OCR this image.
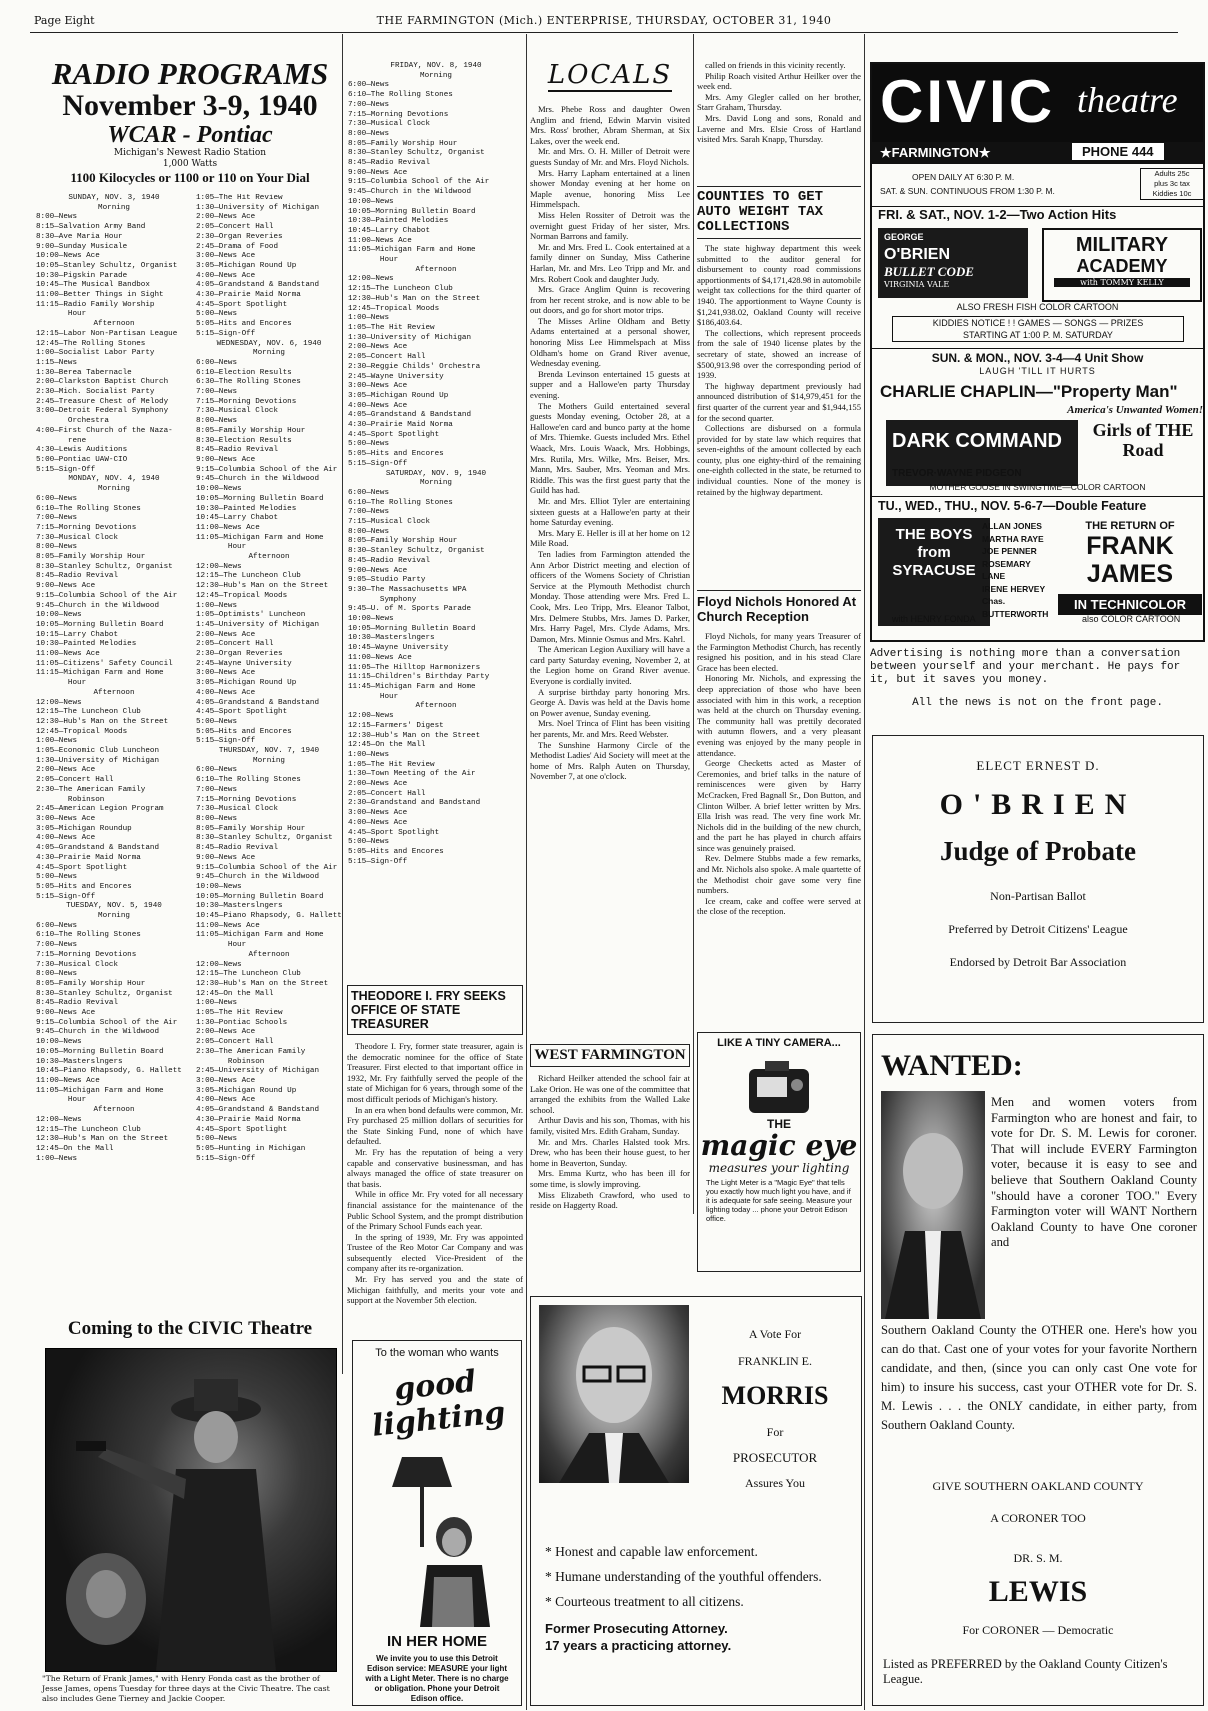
Page Eight	THE FARMINGTON (Mich.) ENTERPRISE, THURSDAY, OCTOBER 31, 1940
RADIO PROGRAMS
November 3-9, 1940
WCAR - Pontiac
Michigan's Newest Radio Station
1,000 Watts
1100 Kilocycles or 1100 or 110 on Your Dial
SUNDAY, NOV. 3, 1940
Morning
8:00—News
8:15—Salvation Army Band
8:30—Ave Maria Hour
9:00—Sunday Musicale
10:00—News Ace
10:05—Stanley Schultz, Organist
10:30—Pigskin Parade
10:45—The Musical Bandbox
11:00—Better Things in Sight
11:15—Radio Family Worship
Hour
Afternoon
12:15—Labor Non-Partisan League
12:45—The Rolling Stones
1:00—Socialist Labor Party
1:15—News
1:30—Berea Tabernacle
2:00—Clarkston Baptist Church
2:30—Mich. Socialist Party
2:45—Treasure Chest of Melody
3:00—Detroit Federal Symphony
Orchestra
4:00—First Church of the Naza-
rene
4:30—Lewis Auditions
5:00—Pontiac UAW-CIO
5:15—Sign-Off
MONDAY, NOV. 4, 1940
Morning
6:00—News
6:10—The Rolling Stones
7:00—News
7:15—Morning Devotions
7:30—Musical Clock
8:00—News
8:05—Family Worship Hour
8:30—Stanley Schultz, Organist
8:45—Radio Revival
9:00—News Ace
9:15—Columbia School of the Air
9:45—Church in the Wildwood
10:00—News
10:05—Morning Bulletin Board
10:15—Larry Chabot
10:30—Painted Melodies
11:00—News Ace
11:05—Citizens' Safety Council
11:15—Michigan Farm and Home
Hour
Afternoon
12:00—News
12:15—The Luncheon Club
12:30—Hub's Man on the Street
12:45—Tropical Moods
1:00—News
1:05—Economic Club Luncheon
1:30—University of Michigan
2:00—News Ace
2:05—Concert Hall
2:30—The American Family
Robinson
2:45—American Legion Program
3:00—News Ace
3:05—Michigan Roundup
4:00—News Ace
4:05—Grandstand & Bandstand
4:30—Prairie Maid Norma
4:45—Sport Spotlight
5:00—News
5:05—Hits and Encores
5:15—Sign-Off
TUESDAY, NOV. 5, 1940
Morning
6:00—News
6:10—The Rolling Stones
7:00—News
7:15—Morning Devotions
7:30—Musical Clock
8:00—News
8:05—Family Worship Hour
8:30—Stanley Schultz, Organist
8:45—Radio Revival
9:00—News Ace
9:15—Columbia School of the Air
9:45—Church in the Wildwood
10:00—News
10:05—Morning Bulletin Board
10:30—Masterslngers
10:45—Piano Rhapsody, G. Hallett
11:00—News Ace
11:05—Michigan Farm and Home
Hour
Afternoon
12:00—News
12:15—The Luncheon Club
12:30—Hub's Man on the Street
12:45—On the Mall
1:00—News
1:05—The Hit Review
1:30—University of Michigan
2:00—News Ace
2:05—Concert Hall
2:30—Organ Reveries
2:45—Drama of Food
3:00—News Ace
3:05—Michigan Round Up
4:00—News Ace
4:05—Grandstand & Bandstand
4:30—Prairie Maid Norma
4:45—Sport Spotlight
5:00—News
5:05—Hits and Encores
5:15—Sign-Off
WEDNESDAY, NOV. 6, 1940
Morning
6:00—News
6:10—Election Results
6:30—The Rolling Stones
7:00—News
7:15—Morning Devotions
7:30—Musical Clock
8:00—News
8:05—Family Worship Hour
8:30—Election Results
8:45—Radio Revival
9:00—News Ace
9:15—Columbia School of the Air
9:45—Church in the Wildwood
10:00—News
10:05—Morning Bulletin Board
10:30—Painted Melodies
10:45—Larry Chabot
11:00—News Ace
11:05—Michigan Farm and Home
Hour
Afternoon
12:00—News
12:15—The Luncheon Club
12:30—Hub's Man on the Street
12:45—Tropical Moods
1:00—News
1:05—Optimists' Luncheon
1:45—University of Michigan
2:00—News Ace
2:05—Concert Hall
2:30—Organ Reveries
2:45—Wayne University
3:00—News Ace
3:05—Michigan Round Up
4:00—News Ace
4:05—Grandstand & Bandstand
4:45—Sport Spotlight
5:00—News
5:05—Hits and Encores
5:15—Sign-Off
THURSDAY, NOV. 7, 1940
Morning
6:00—News
6:10—The Rolling Stones
7:00—News
7:15—Morning Devotions
7:30—Musical Clock
8:00—News
8:05—Family Worship Hour
8:30—Stanley Schultz, Organist
8:45—Radio Revival
9:00—News Ace
9:15—Columbia School of the Air
9:45—Church in the Wildwood
10:00—News
10:05—Morning Bulletin Board
10:30—Masterslngers
10:45—Piano Rhapsody, G. Hallett
11:00—News Ace
11:05—Michigan Farm and Home
Hour
Afternoon
12:00—News
12:15—The Luncheon Club
12:30—Hub's Man on the Street
12:45—On the Mall
1:00—News
1:05—The Hit Review
1:30—Pontiac Schools
2:00—News Ace
2:05—Concert Hall
2:30—The American Family
Robinson
2:45—University of Michigan
3:00—News Ace
3:05—Michigan Round Up
4:00—News Ace
4:05—Grandstand & Bandstand
4:30—Prairie Maid Norma
4:45—Sport Spotlight
5:00—News
5:05—Hunting in Michigan
5:15—Sign-Off
FRIDAY, NOV. 8, 1940
Morning
6:00—News
6:10—The Rolling Stones
7:00—News
7:15—Morning Devotions
7:30—Musical Clock
8:00—News
8:05—Family Worship Hour
8:30—Stanley Schultz, Organist
8:45—Radio Revival
9:00—News Ace
9:15—Columbia School of the Air
9:45—Church in the Wildwood
10:00—News
10:05—Morning Bulletin Board
10:30—Painted Melodies
10:45—Larry Chabot
11:00—News Ace
11:05—Michigan Farm and Home
Hour
Afternoon
12:00—News
12:15—The Luncheon Club
12:30—Hub's Man on the Street
12:45—Tropical Moods
1:00—News
1:05—The Hit Review
1:30—University of Michigan
2:00—News Ace
2:05—Concert Hall
2:30—Reggie Childs' Orchestra
2:45—Wayne University
3:00—News Ace
3:05—Michigan Round Up
4:00—News Ace
4:05—Grandstand & Bandstand
4:30—Prairie Maid Norma
4:45—Sport Spotlight
5:00—News
5:05—Hits and Encores
5:15—Sign-Off
SATURDAY, NOV. 9, 1940
Morning
6:00—News
6:10—The Rolling Stones
7:00—News
7:15—Musical Clock
8:00—News
8:05—Family Worship Hour
8:30—Stanley Schultz, Organist
8:45—Radio Revival
9:00—News Ace
9:05—Studio Party
9:30—The Massachusetts WPA
Symphony
9:45—U. of M. Sports Parade
10:00—News
10:05—Morning Bulletin Board
10:30—Masterslngers
10:45—Wayne University
11:00—News Ace
11:05—The Hilltop Harmonizers
11:15—Children's Birthday Party
11:45—Michigan Farm and Home
Hour
Afternoon
12:00—News
12:15—Farmers' Digest
12:30—Hub's Man on the Street
12:45—On the Mall
1:00—News
1:05—The Hit Review
1:30—Town Meeting of the Air
2:00—News Ace
2:05—Concert Hall
2:30—Grandstand and Bandstand
3:00—News Ace
4:00—News Ace
4:45—Sport Spotlight
5:00—News
5:05—Hits and Encores
5:15—Sign-Off
Coming to the CIVIC Theatre
"The Return of Frank James," with Henry Fonda cast as the brother of Jesse James, opens Tuesday for three days at the Civic Theatre. The cast also includes Gene Tierney and Jackie Cooper.
THEODORE I. FRY SEEKS OFFICE OF STATE TREASURER

Theodore I. Fry, former state treasurer, again is the democratic nominee for the office of State Treasurer. First elected to that important office in 1932, Mr. Fry faithfully served the people of the state of Michigan for 6 years, through some of the most difficult periods of Michigan's history.

In an era when bond defaults were common, Mr. Fry purchased 25 million dollars of securities for the State Sinking Fund, none of which have defaulted.

Mr. Fry has the reputation of being a very capable and conservative businessman, and has always managed the office of state treasurer on that basis.

While in office Mr. Fry voted for all necessary financial assistance for the maintenance of the Public School System, and the prompt distribution of the Primary School Funds each year.

In the spring of 1939, Mr. Fry was appointed Trustee of the Reo Motor Car Company and was subsequently elected Vice-President of the company after its re-organization.

Mr. Fry has served you and the state of Michigan faithfully, and merits your vote and support at the November 5th election.

To the woman who wants
good lighting
IN HER HOME
We invite you to use this Detroit Edison service: MEASURE your light with a Light Meter. There is no charge or obligation. Phone your Detroit Edison office.
LOCALS

Mrs. Phebe Ross and daughter Owen Anglim and friend, Edwin Marvin visited Mrs. Ross' brother, Abram Sherman, at Six Lakes, over the week end.

Mr. and Mrs. O. H. Miller of Detroit were guests Sunday of Mr. and Mrs. Floyd Nichols.

Mrs. Harry Lapham entertained at a linen shower Monday evening at her home on Maple avenue, honoring Miss Lee Himmelspach.

Miss Helen Rossiter of Detroit was the overnight guest Friday of her sister, Mrs. Norman Barrons and family.

Mr. and Mrs. Fred L. Cook entertained at a family dinner on Sunday, Miss Catherine Harlan, Mr. and Mrs. Leo Tripp and Mr. and Mrs. Robert Cook and daughter Judy.

Mrs. Grace Anglim Quinn is recovering from her recent stroke, and is now able to be out doors, and go for short motor trips.

The Misses Arline Oldham and Betty Adams entertained at a personal shower, honoring Miss Lee Himmelspach at Miss Oldham's home on Grand River avenue, Wednesday evening.

Brenda Levinson entertained 15 guests at supper and a Hallowe'en party Thursday evening.

The Mothers Guild entertained several guests Monday evening, October 28, at a Hallowe'en card and bunco party at the home of Mrs. Thiemke. Guests included Mrs. Ethel Waack, Mrs. Louis Waack, Mrs. Hobbings, Mrs. Rutila, Mrs. Wilke, Mrs. Beiser, Mrs. Mann, Mrs. Sauber, Mrs. Yeoman and Mrs. Riddle. This was the first guest party that the Guild has had.

Mr. and Mrs. Elliot Tyler are entertaining sixteen guests at a Hallowe'en party at their home Saturday evening.

Mrs. Mary E. Heller is ill at her home on 12 Mile Road.

Ten ladies from Farmington attended the Ann Arbor District meeting and election of officers of the Womens Society of Christian Service at the Plymouth Methodist church Monday. Those attending were Mrs. Fred L. Cook, Mrs. Leo Tripp, Mrs. Eleanor Talbot, Mrs. Delmere Stubbs, Mrs. James D. Parker, Mrs. Harry Pagel, Mrs. Clyde Adams, Mrs. Damon, Mrs. Minnie Osmus and Mrs. Kahrl.

The American Legion Auxiliary will have a card party Saturday evening, November 2, at the Legion home on Grand River avenue. Everyone is cordially invited.

A surprise birthday party honoring Mrs. George A. Davis was held at the Davis home on Power avenue, Sunday evening.

Mrs. Noel Trinca of Flint has been visiting her parents, Mr. and Mrs. Reed Webster.

The Sunshine Harmony Circle of the Methodist Ladies' Aid Society will meet at the home of Mrs. Ralph Auten on Thursday, November 7, at one o'clock.

WEST FARMINGTON

Richard Heilker attended the school fair at Lake Orion. He was one of the committee that arranged the exhibits from the Walled Lake school.

Arthur Davis and his son, Thomas, with his family, visited Mrs. Edith Graham, Sunday.

Mr. and Mrs. Charles Halsted took Mrs. Drew, who has been their house guest, to her home in Beaverton, Sunday.

Mrs. Emma Kurtz, who has been ill for some time, is slowly improving.

Miss Elizabeth Crawford, who used to reside on Haggerty Road.

called on friends in this vicinity recently.

Philip Roach visited Arthur Heilker over the week end.

Mrs. Amy Glegler called on her brother, Starr Graham, Thursday.

Mrs. David Long and sons, Ronald and Laverne and Mrs. Elsie Cross of Hartland visited Mrs. Sarah Knapp, Thursday.

COUNTIES TO GET AUTO WEIGHT TAX COLLECTIONS

The state highway department this week submitted to the auditor general for disbursement to county road commissions apportionments of $4,171,428.98 in automobile weight tax collections for the third quarter of 1940. The apportionment to Wayne County is $1,241,938.02, Oakland County will receive $186,403.64.

The collections, which represent proceeds from the sale of 1940 license plates by the secretary of state, showed an increase of $500,913.98 over the corresponding period of 1939.

The highway department previously had announced distribution of $14,979,451 for the first quarter of the current year and $1,944,155 for the second quarter.

Collections are disbursed on a formula provided for by state law which requires that seven-eighths of the amount collected by each county, plus one eighty-third of the remaining one-eighth collected in the state, be returned to individual counties. None of the money is retained by the highway department.

Floyd Nichols Honored At Church Reception

Floyd Nichols, for many years Treasurer of the Farmington Methodist Church, has recently resigned his position, and in his stead Clare Grace has been elected.

Honoring Mr. Nichols, and expressing the deep appreciation of those who have been associated with him in this work, a reception was held at the church on Thursday evening. The community hall was prettily decorated with autumn flowers, and a very pleasant evening was enjoyed by the many people in attendance.

George Checketts acted as Master of Ceremonies, and brief talks in the nature of reminiscences were given by Harry McCracken, Fred Bagnall Sr., Don Button, and Clinton Wilber. A brief letter written by Mrs. Ella Irish was read. The very fine work Mr. Nichols did in the building of the new church, and the part he has played in church affairs since was genuinely praised.

Rev. Delmere Stubbs made a few remarks, and Mr. Nichols also spoke. A male quartette of the Methodist choir gave some very fine numbers.

Ice cream, cake and coffee were served at the close of the reception.

LIKE A TINY CAMERA...
THE
magic eye
measures your lighting
The Light Meter is a "Magic Eye" that tells you exactly how much light you have, and if it is adequate for safe seeing. Measure your lighting today ... phone your Detroit Edison office.
A Vote For
FRANKLIN E.
MORRIS
For
PROSECUTOR
Assures You
* Honest and capable law enforcement.
* Humane understanding of the youthful offenders.
* Courteous treatment to all citizens.
Former Prosecuting Attorney.
17 years a practicing attorney.
CIVIC theatre
★FARMINGTON★	PHONE 444
OPEN DAILY AT 6:30 P. M.
SAT. & SUN. CONTINUOUS FROM 1:30 P. M.
Adults 25c
plus 3c tax
Kiddies 10c
FRI. & SAT., NOV. 1-2—Two Action Hits
GEORGE
O'BRIEN
BULLET CODE
VIRGINIA VALE
MILITARY
ACADEMY
with TOMMY KELLY
ALSO FRESH FISH COLOR CARTOON
KIDDIES NOTICE ! ! GAMES — SONGS — PRIZES
STARTING AT 1:00 P. M. SATURDAY
SUN. & MON., NOV. 3-4—4 Unit Show
LAUGH 'TILL IT HURTS
CHARLIE CHAPLIN—"Property Man"
America's Unwanted Women!
DARK COMMAND	Girls of THE Road
TREVOR·WAYNE PIDGEON
MOTHER GOOSE IN SWINGTIME—COLOR CARTOON
TU., WED., THU., NOV. 5-6-7—Double Feature
THE BOYS from SYRACUSE
ALLAN JONES
MARTHA RAYE
JOE PENNER
ROSEMARY LANE
IRENE HERVEY
Chas. BUTTERWORTH
THE RETURN OF
FRANK JAMES
IN TECHNICOLOR
with HENRY FONDA	also COLOR CARTOON
Advertising is nothing more than a conversation between yourself and your merchant. He pays for it, but it saves you money.
All the news is not on the front page.
ELECT ERNEST D.
O'BRIEN
Judge of Probate
Non-Partisan Ballot
Preferred by Detroit Citizens' League
Endorsed by Detroit Bar Association
WANTED:
Men and women voters from Farmington who are honest and fair, to vote for Dr. S. M. Lewis for coroner. That will include EVERY Farmington voter, because it is easy to see and believe that Southern Oakland County "should have a coroner TOO." Every Farmington voter will WANT Northern Oakland County to have One coroner and
Southern Oakland County the OTHER one. Here's how you can do that. Cast one of your votes for your favorite Northern candidate, and then, (since you can only cast One vote for him) to insure his success, cast your OTHER vote for Dr. S. M. Lewis . . . the ONLY candidate, in either party, from Southern Oakland County.
GIVE SOUTHERN OAKLAND COUNTY
A CORONER TOO
DR. S. M.
LEWIS
For CORONER — Democratic
Listed as PREFERRED by the Oakland County Citizen's League.
